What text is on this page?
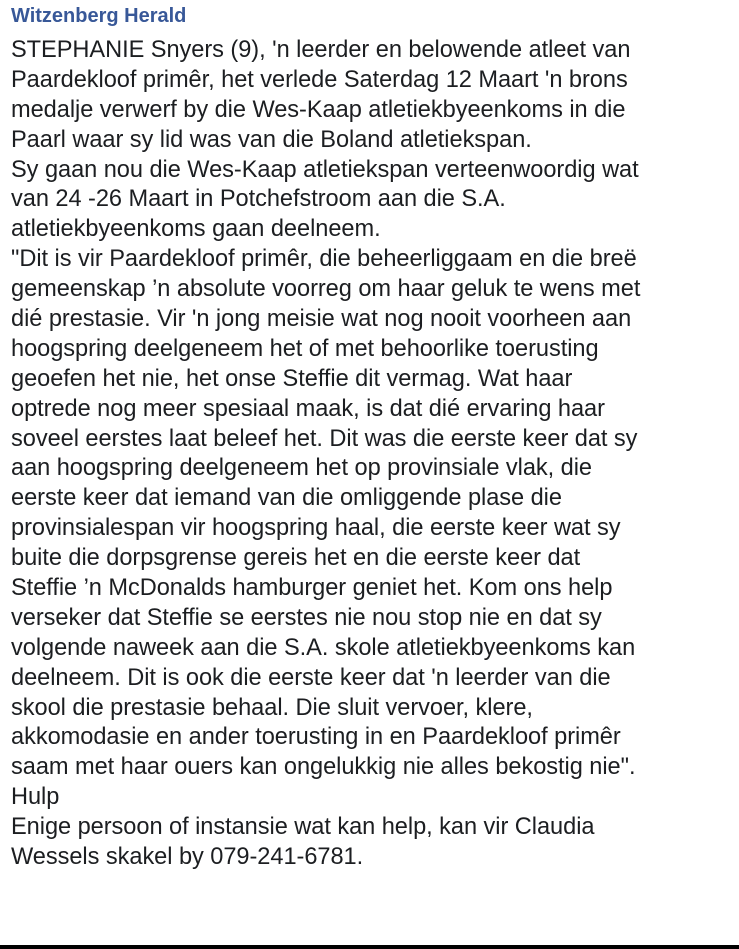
Witzenberg Herald
STEPHANIE Snyers (9), 'n leerder en belowende atleet van
Paardekloof primêr, het verlede Saterdag 12 Maart 'n brons
medalje verwerf by die Wes-Kaap atletiekbyeenkoms in die
Paarl waar sy lid was van die Boland atletiekspan.
Sy gaan nou die Wes-Kaap atletiekspan verteenwoordig wat
van 24 -26 Maart in Potchefstroom aan die S.A.
atletiekbyeenkoms gaan deelneem.
"Dit is vir Paardekloof primêr, die beheerliggaam en die breë
gemeenskap ’n absolute voorreg om haar geluk te wens met
dié prestasie. Vir 'n jong meisie wat nog nooit voorheen aan
hoogspring deelgeneem het of met behoorlike toerusting
geoefen het nie, het onse Steffie dit vermag. Wat haar
optrede nog meer spesiaal maak, is dat dié ervaring haar
soveel eerstes laat beleef het. Dit was die eerste keer dat sy
aan hoogspring deelgeneem het op provinsiale vlak, die
eerste keer dat iemand van die omliggende plase die
provinsialespan vir hoogspring haal, die eerste keer wat sy
buite die dorpsgrense gereis het en die eerste keer dat
Steffie ’n McDonalds hamburger geniet het. Kom ons help
verseker dat Steffie se eerstes nie nou stop nie en dat sy
volgende naweek aan die S.A. skole atletiekbyeenkoms kan
deelneem. Dit is ook die eerste keer dat 'n leerder van die
skool die prestasie behaal. Die sluit vervoer, klere,
akkomodasie en ander toerusting in en Paardekloof primêr
saam met haar ouers kan ongelukkig nie alles bekostig nie".
Hulp
Enige persoon of instansie wat kan help, kan vir Claudia
Wessels skakel by 079-241-6781.
